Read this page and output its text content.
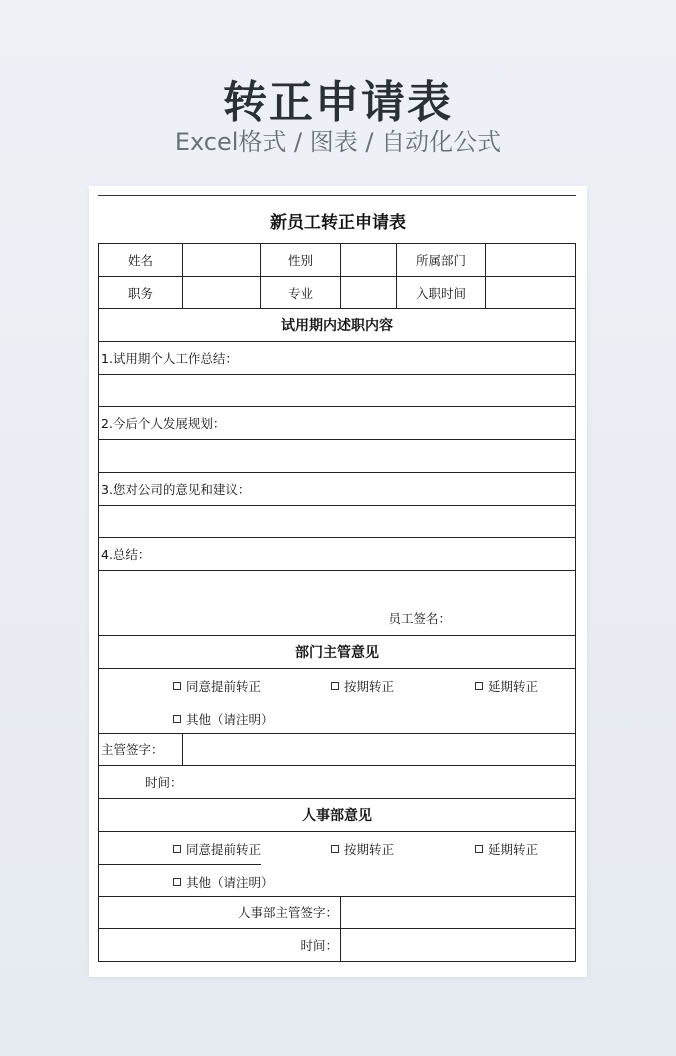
转正申请表
Excel格式 / 图表 / 自动化公式
新员工转正申请表
姓名		性别		所属部门	
职务		专业		入职时间	
试用期内述职内容					
1.试用期个人工作总结：					

2.今后个人发展规划：					

3.您对公司的意见和建议：					

4.总结：					

员工签名：					

部门主管意见					

同意提前转正 按期转正 延期转正
其他（请注明）					

主管签字：					
时间：					
人事部意见					

同意提前转正 按期转正 延期转正
其他（请注明）					

人事部主管签字：					
时间：					
